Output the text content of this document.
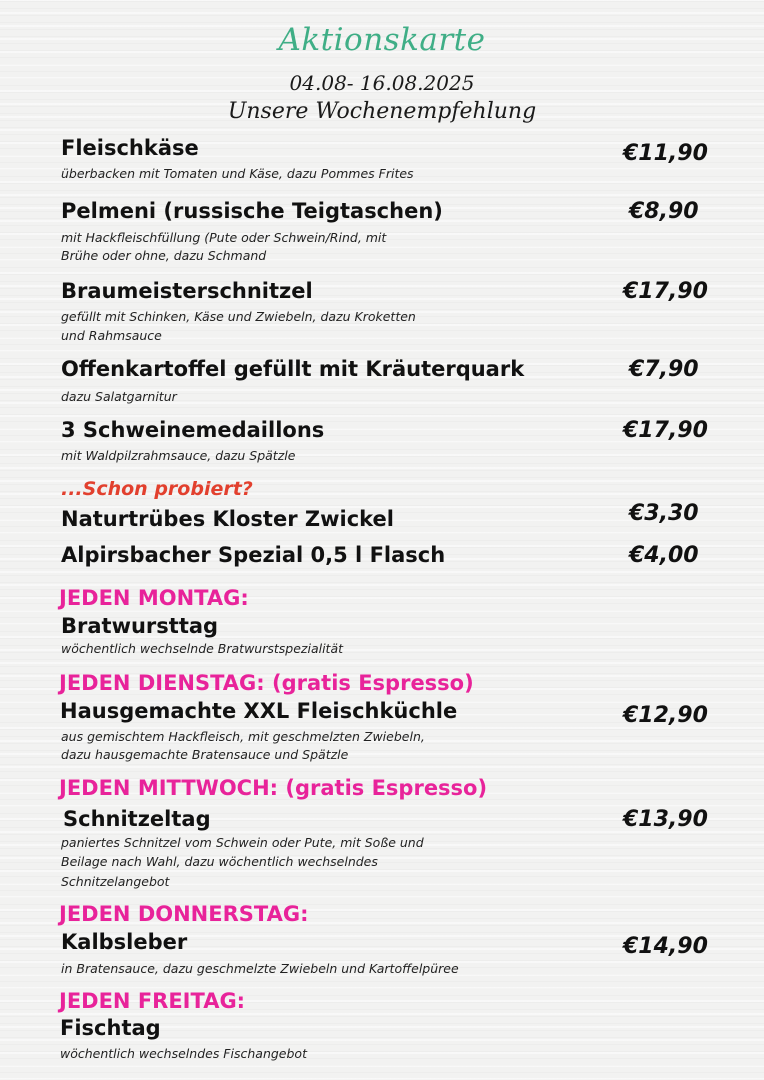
Aktionskarte
04.08- 16.08.2025
Unsere Wochenempfehlung
Fleischkäse
überbacken mit Tomaten und Käse, dazu Pommes Frites
€11,90
Pelmeni (russische Teigtaschen)
mit Hackfleischfüllung (Pute oder Schwein/Rind, mit
Brühe oder ohne, dazu Schmand
€8,90
Braumeisterschnitzel
gefüllt mit Schinken, Käse und Zwiebeln, dazu Kroketten
und Rahmsauce
€17,90
Offenkartoffel gefüllt mit Kräuterquark
dazu Salatgarnitur
€7,90
3 Schweinemedaillons
mit Waldpilzrahmsauce, dazu Spätzle
€17,90
...Schon probiert?
Naturtrübes Kloster Zwickel	€3,30
Alpirsbacher Spezial 0,5 l Flasch	€4,00
JEDEN MONTAG:
Bratwursttag
wöchentlich wechselnde Bratwurstspezialität
JEDEN DIENSTAG: (gratis Espresso)
Hausgemachte XXL Fleischküchle
aus gemischtem Hackfleisch, mit geschmelzten Zwiebeln,
dazu hausgemachte Bratensauce und Spätzle
€12,90
JEDEN MITTWOCH: (gratis Espresso)
Schnitzeltag
paniertes Schnitzel vom Schwein oder Pute, mit Soße und
Beilage nach Wahl, dazu wöchentlich wechselndes
Schnitzelangebot
€13,90
JEDEN DONNERSTAG:
Kalbsleber
in Bratensauce, dazu geschmelzte Zwiebeln und Kartoffelpüree
€14,90
JEDEN FREITAG:
Fischtag
wöchentlich wechselndes Fischangebot
